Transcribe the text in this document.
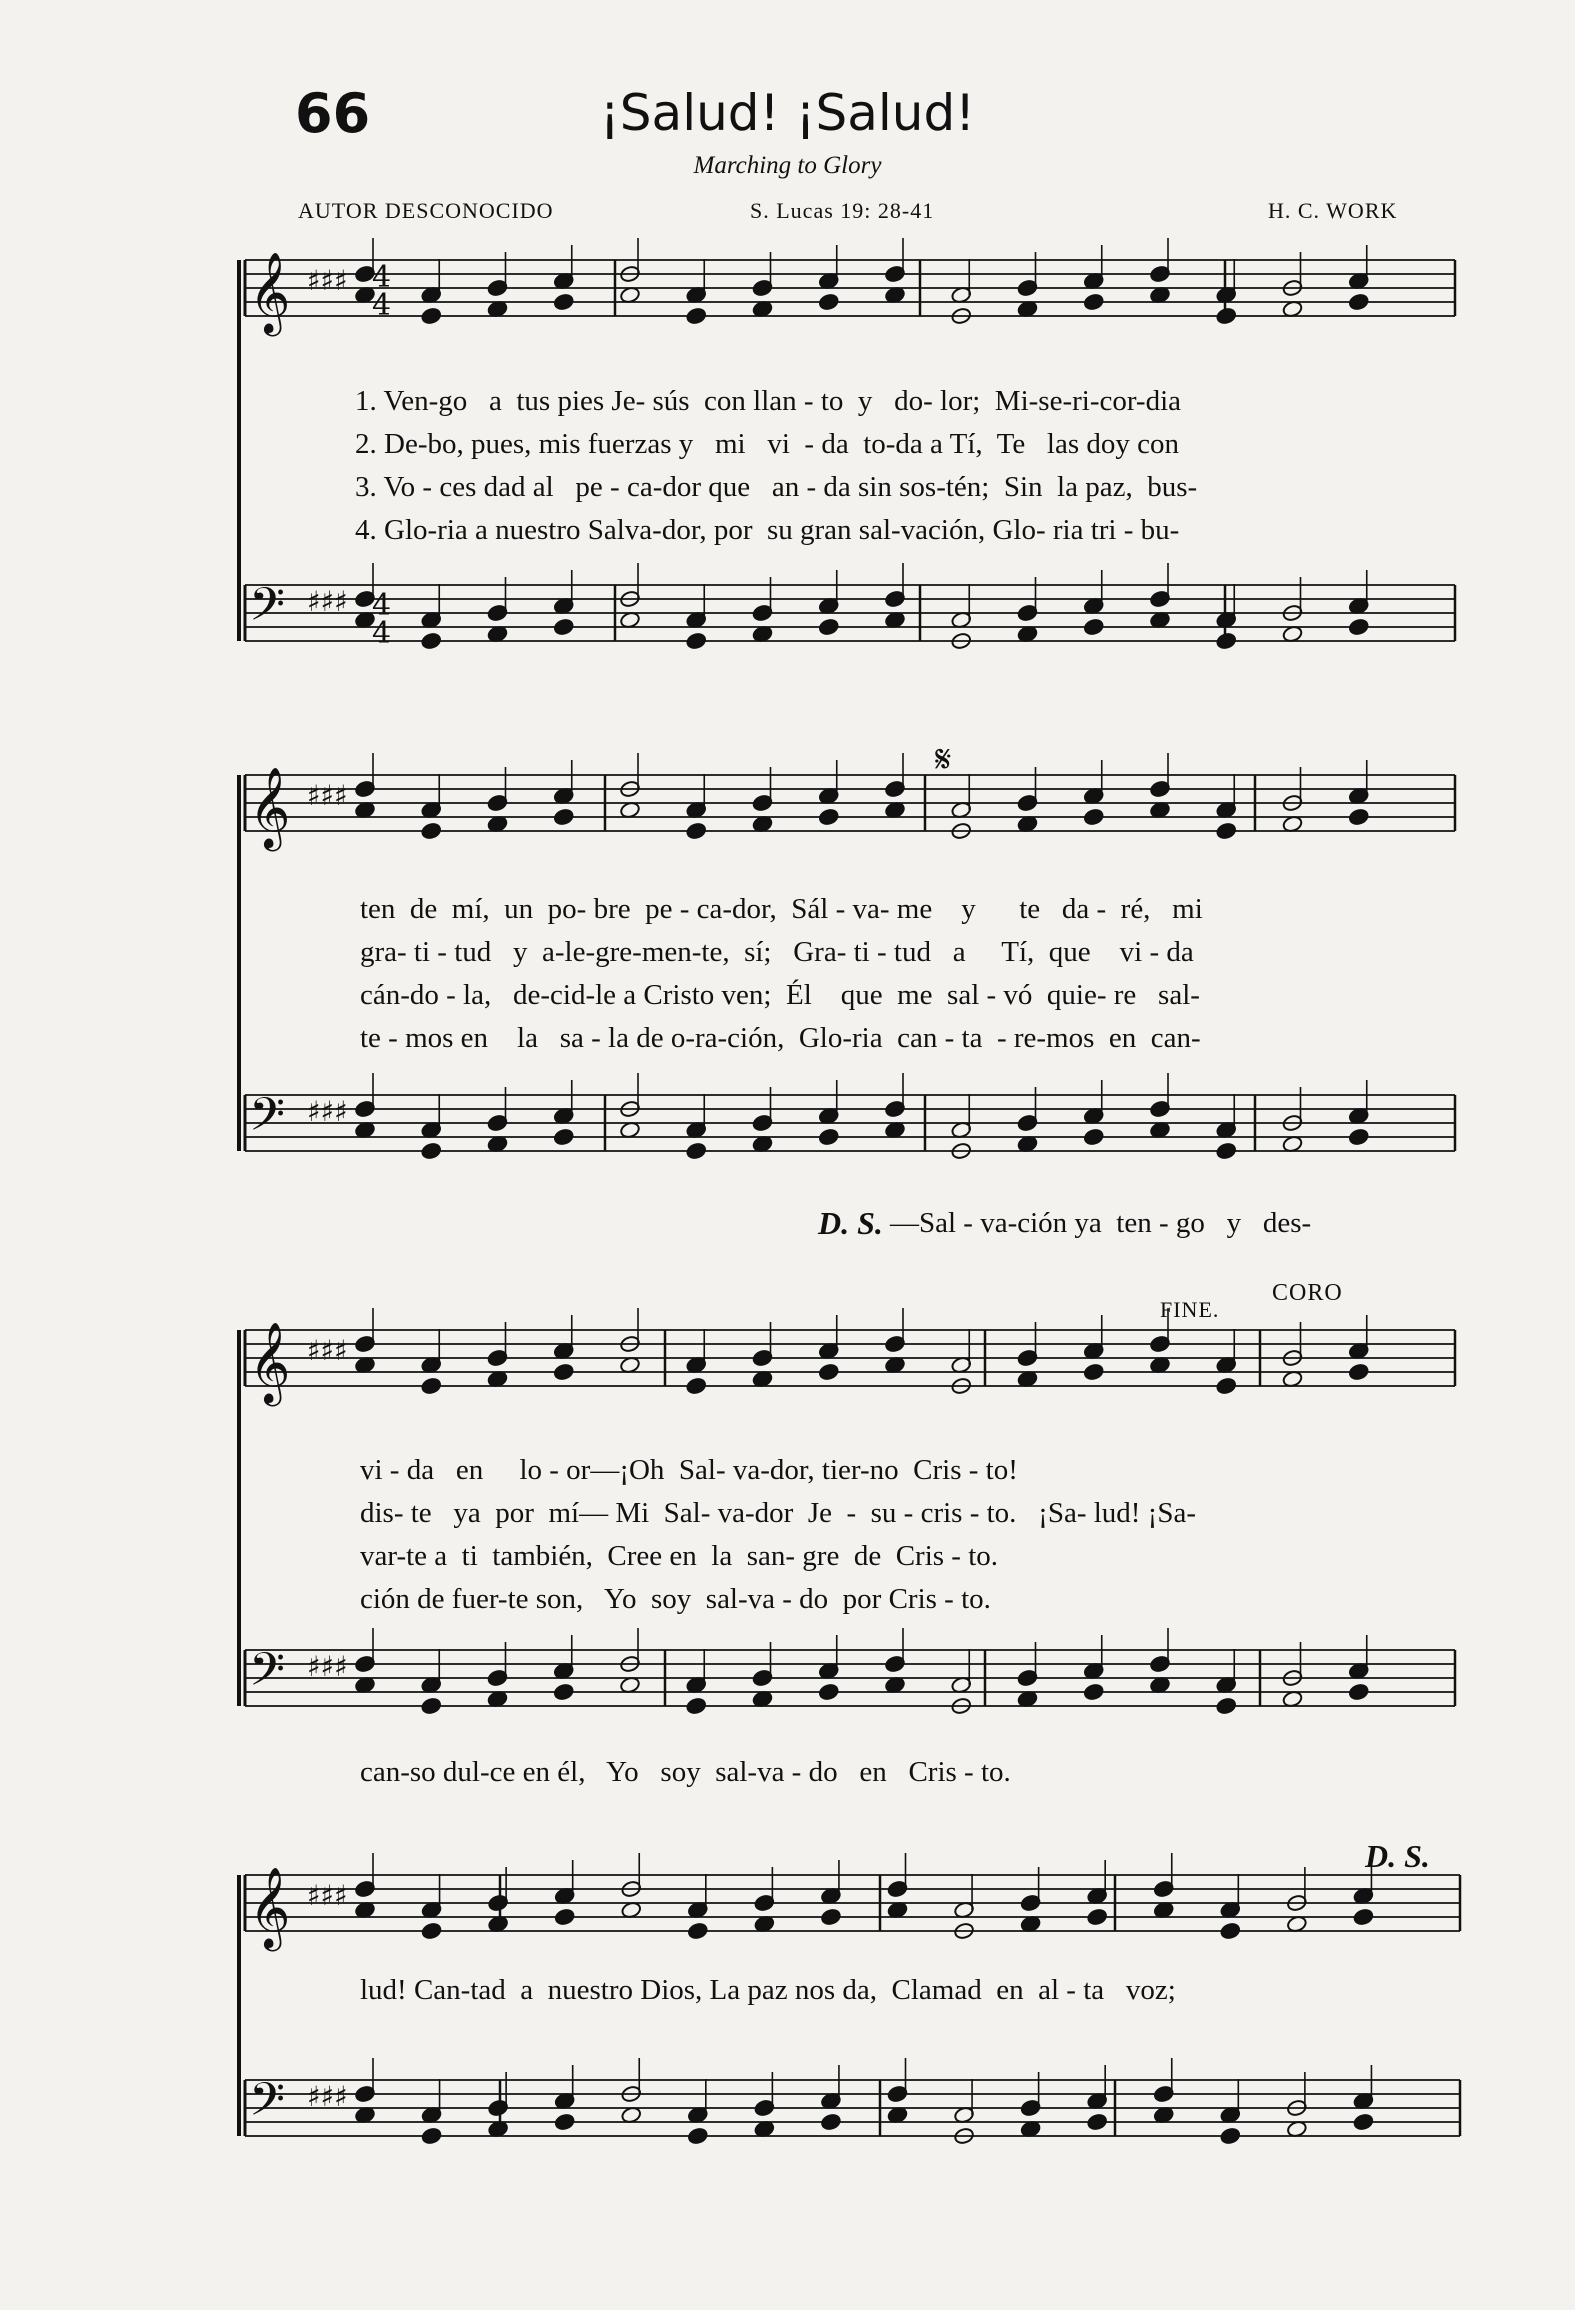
66	¡Salud! ¡Salud!
Marching to Glory
AUTOR DESCONOCIDO	S. Lucas 19: 28-41	H. C. WORK
𝄞
𝄢
♯♯♯
♯♯♯
𝄞
𝄢
♯♯♯
♯♯♯
𝄞
𝄢
♯♯♯
♯♯♯
𝄞
𝄢
♯♯♯
♯♯♯
4
4
4
4
𝄋
1. Ven-go   a  tus pies Je- sús  con llan - to  y   do- lor;  Mi-se-ri-cor-dia
2. De-bo, pues, mis fuerzas y   mi   vi  - da  to-da a Tí,  Te   las doy con
3. Vo - ces dad al   pe - ca-dor que   an - da sin sos-tén;  Sin  la paz,  bus-
4. Glo-ria a nuestro Salva-dor, por  su gran sal-vación, Glo- ria tri - bu-
ten  de  mí,  un  po- bre  pe - ca-dor,  Sál - va- me    y      te   da -  ré,   mi
gra- ti - tud   y  a-le-gre-men-te,  sí;   Gra- ti - tud   a     Tí,  que    vi - da
cán-do - la,   de-cid-le a Cristo ven;  Él    que  me  sal - vó  quie- re   sal-
te - mos en    la   sa - la de o-ra-ción,  Glo-ria  can - ta  - re-mos  en  can-
D. S. —Sal - va-ción ya  ten - go   y   des-
FINE.
CORO
vi - da   en     lo - or—¡Oh  Sal- va-dor, tier-no  Cris - to!
dis- te   ya  por  mí— Mi  Sal- va-dor  Je  -  su - cris - to.   ¡Sa- lud! ¡Sa-
var-te a  ti  también,  Cree en  la  san- gre  de  Cris - to.
ción de fuer-te son,   Yo  soy  sal-va - do  por Cris - to.
can-so dul-ce en él,   Yo   soy  sal-va - do   en   Cris - to.
D. S.
lud! Can-tad  a  nuestro Dios, La paz nos da,  Clamad  en  al - ta   voz;
